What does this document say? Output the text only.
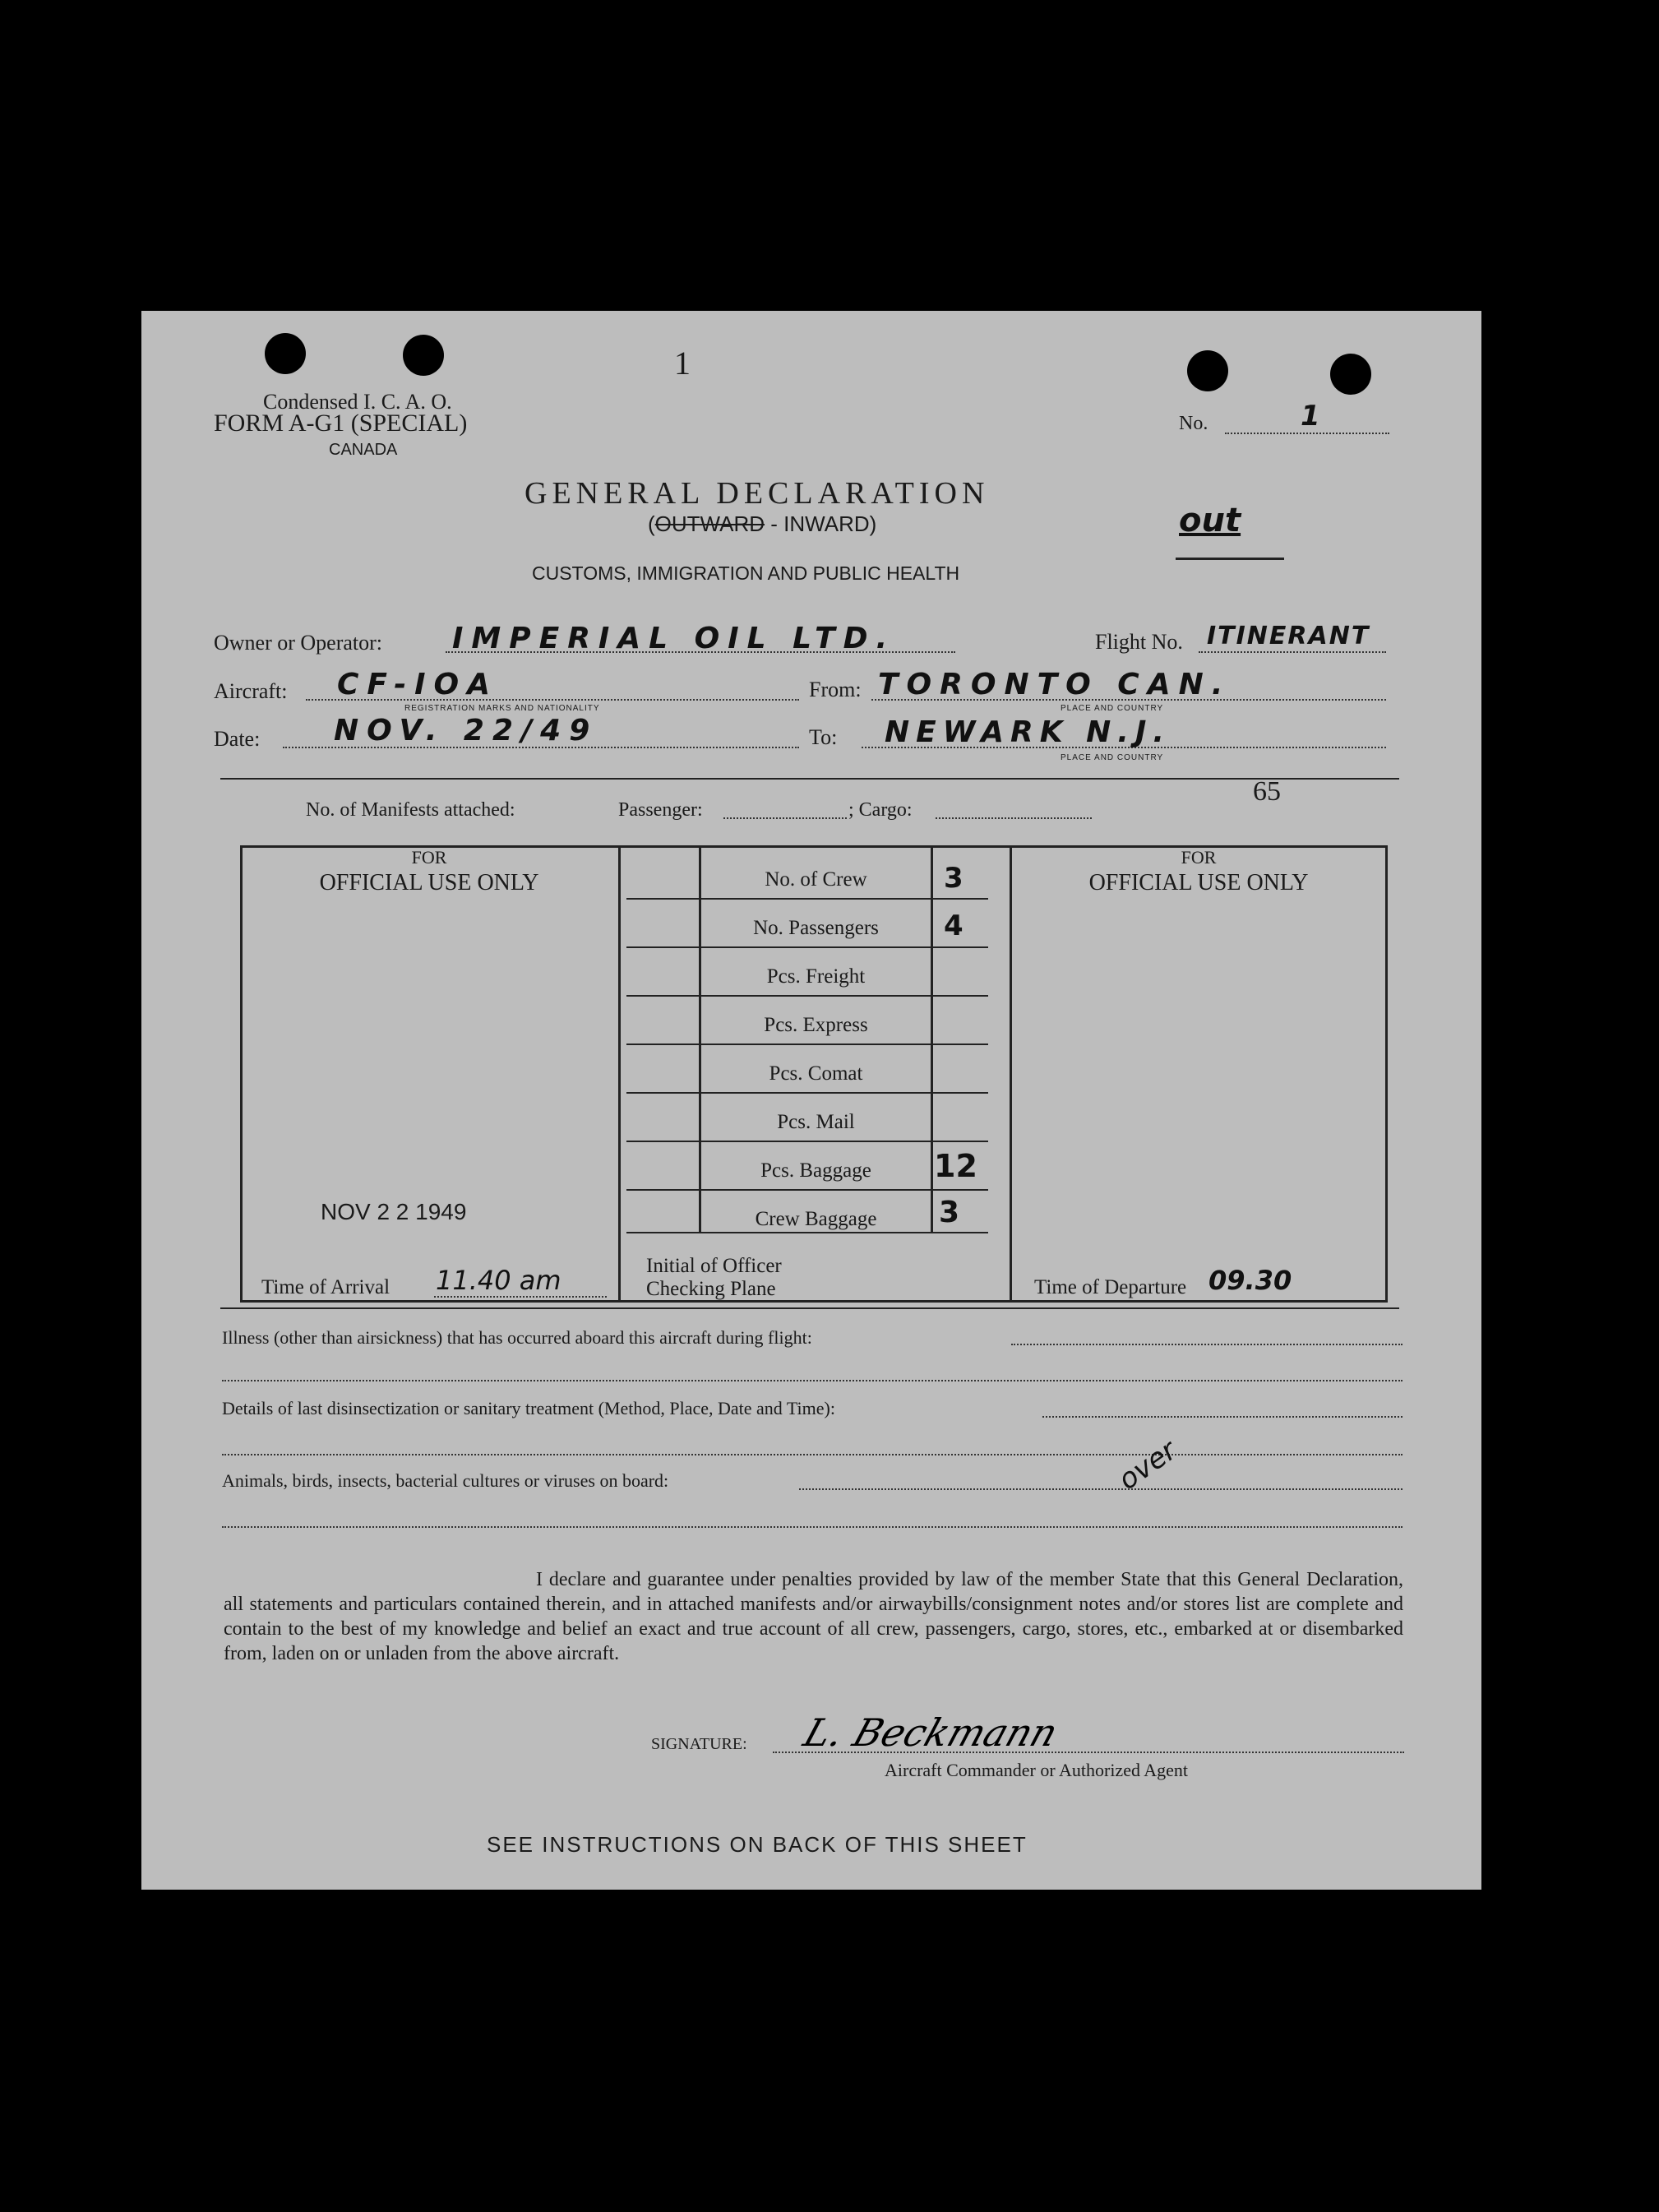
Condensed I. C. A. O.
FORM A-G1 (SPECIAL)
CANADA
1
No.	1
GENERAL DECLARATION
(OUTWARD - INWARD)	out
CUSTOMS, IMMIGRATION AND PUBLIC HEALTH
Owner or Operator: IMPERIAL OIL LTD.	Flight No. ITINERANT
Aircraft: CF-IOA
REGISTRATION MARKS AND NATIONALITY
From: TORONTO CAN.
PLACE AND COUNTRY
Date: NOV. 22/49	To: NEWARK N.J.
PLACE AND COUNTRY
65
No. of Manifests attached:	Passenger:	; Cargo:
FOR
OFFICIAL USE ONLY
NOV 2 2 1949
Time of Arrival 11.40 am	Initial of Officer
Checking Plane
FOR
OFFICIAL USE ONLY
Time of Departure 09.30
No. of Crew	3
No. Passengers	4
Pcs. Freight
Pcs. Express
Pcs. Comat
Pcs. Mail
Pcs. Baggage	12
Crew Baggage	3
Illness (other than airsickness) that has occurred aboard this aircraft during flight:
Details of last disinsectization or sanitary treatment (Method, Place, Date and Time):
Animals, birds, insects, bacterial cultures or viruses on board:	over
I declare and guarantee under penalties provided by law of the member State that this General Declaration, all statements and particulars contained therein, and in attached manifests and/or airwaybills/consignment notes and/or stores list are complete and contain to the best of my knowledge and belief an exact and true account of all crew, passengers, cargo, stores, etc., embarked at or disembarked from, laden on or unladen from the above aircraft.
SIGNATURE: L. Beckmann
Aircraft Commander or Authorized Agent
SEE INSTRUCTIONS ON BACK OF THIS SHEET
